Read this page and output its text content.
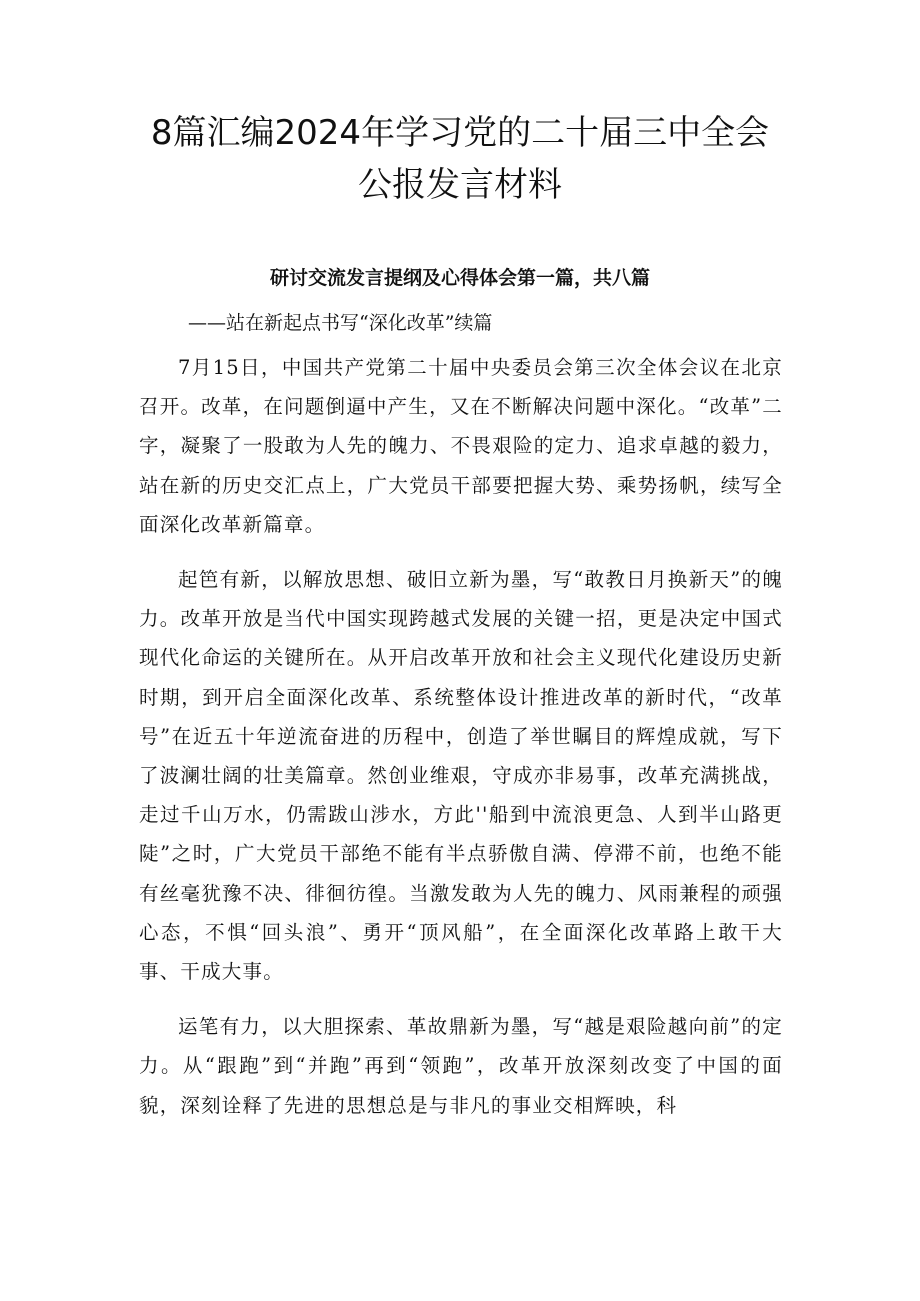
8篇汇编2024年学习党的二十届三中全会
公报发言材料

研讨交流发言提纲及心得体会第一篇，共八篇

——站在新起点书写“深化改革”续篇

7月15日，中国共产党第二十届中央委员会第三次全体会议在北京召开。改革，在问题倒逼中产生，又在不断解决问题中深化。“改革”二字，凝聚了一股敢为人先的魄力、不畏艰险的定力、追求卓越的毅力，站在新的历史交汇点上，广大党员干部要把握大势、乘势扬帆，续写全面深化改革新篇章。

起笆有新，以解放思想、破旧立新为墨，写“敢教日月换新天”的魄力。改革开放是当代中国实现跨越式发展的关键一招，更是决定中国式现代化命运的关键所在。从开启改革开放和社会主义现代化建设历史新时期，到开启全面深化改革、系统整体设计推进改革的新时代，“改革号”在近五十年逆流奋进的历程中，创造了举世瞩目的辉煌成就，写下了波澜壮阔的壮美篇章。然创业维艰，守成亦非易事，改革充满挑战，走过千山万水，仍需跋山涉水，方此''船到中流浪更急、人到半山路更陡”之时，广大党员干部绝不能有半点骄傲自满、停滞不前，也绝不能有丝毫犹豫不决、徘徊彷徨。当激发敢为人先的魄力、风雨兼程的顽强心态，不惧“回头浪”、勇开“顶风船”，在全面深化改革路上敢干大事、干成大事。

运笔有力，以大胆探索、革故鼎新为墨，写“越是艰险越向前”的定力。从“跟跑”到“并跑”再到“领跑”，改革开放深刻改变了中国的面貌，深刻诠释了先进的思想总是与非凡的事业交相辉映，科
